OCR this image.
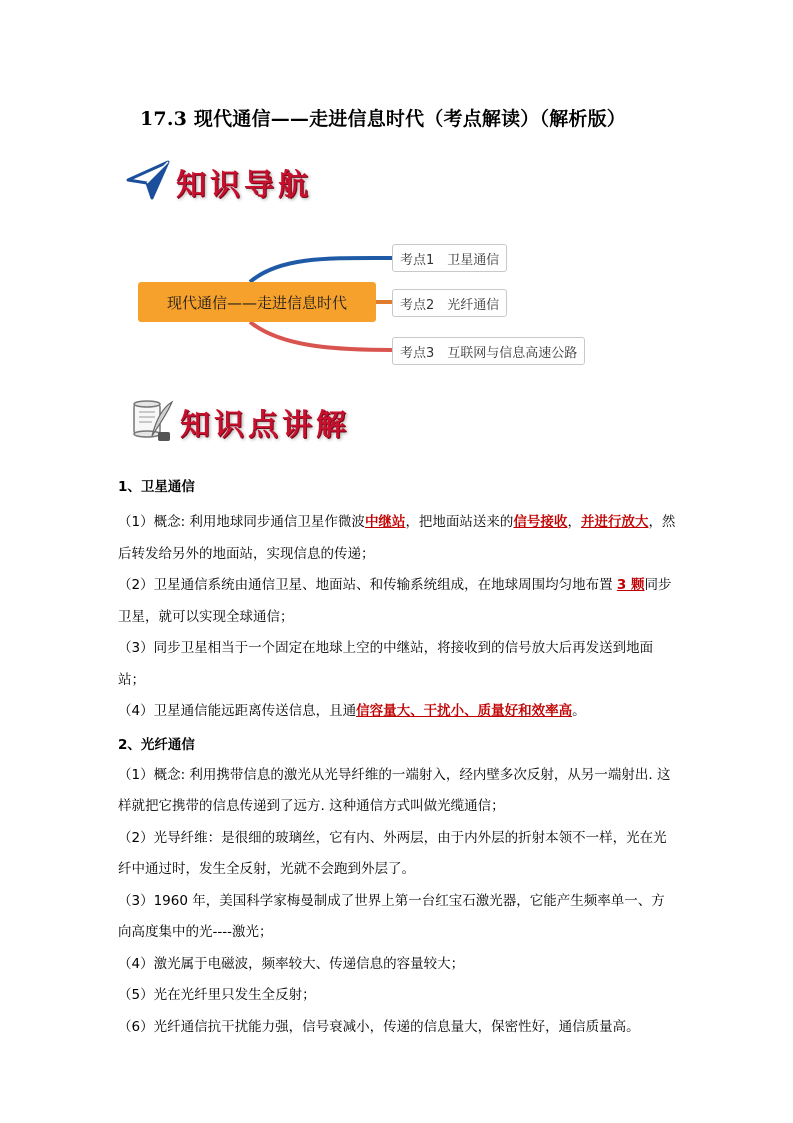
17.3 现代通信——走进信息时代（考点解读）（解析版）
知识导航
现代通信——走进信息时代
考点1　卫星通信
考点2　光纤通信
考点3　互联网与信息高速公路
知识点讲解
1、卫星通信

（1）概念: 利用地球同步通信卫星作微波中继站，把地面站送来的信号接收，并进行放大，然后转发给另外的地面站，实现信息的传递；

（2）卫星通信系统由通信卫星、地面站、和传输系统组成，在地球周围均匀地布置 3 颗同步卫星，就可以实现全球通信；

（3）同步卫星相当于一个固定在地球上空的中继站，将接收到的信号放大后再发送到地面站；

（4）卫星通信能远距离传送信息，且通信容量大、干扰小、质量好和效率高。

2、光纤通信

（1）概念: 利用携带信息的激光从光导纤维的一端射入，经内壁多次反射，从另一端射出. 这样就把它携带的信息传递到了远方. 这种通信方式叫做光缆通信；

（2）光导纤维：是很细的玻璃丝，它有内、外两层，由于内外层的折射本领不一样，光在光纤中通过时，发生全反射，光就不会跑到外层了。

（3）1960 年，美国科学家梅曼制成了世界上第一台红宝石激光器，它能产生频率单一、方向高度集中的光----激光；

（4）激光属于电磁波，频率较大、传递信息的容量较大；

（5）光在光纤里只发生全反射；

（6）光纤通信抗干扰能力强，信号衰减小，传递的信息量大，保密性好，通信质量高。
